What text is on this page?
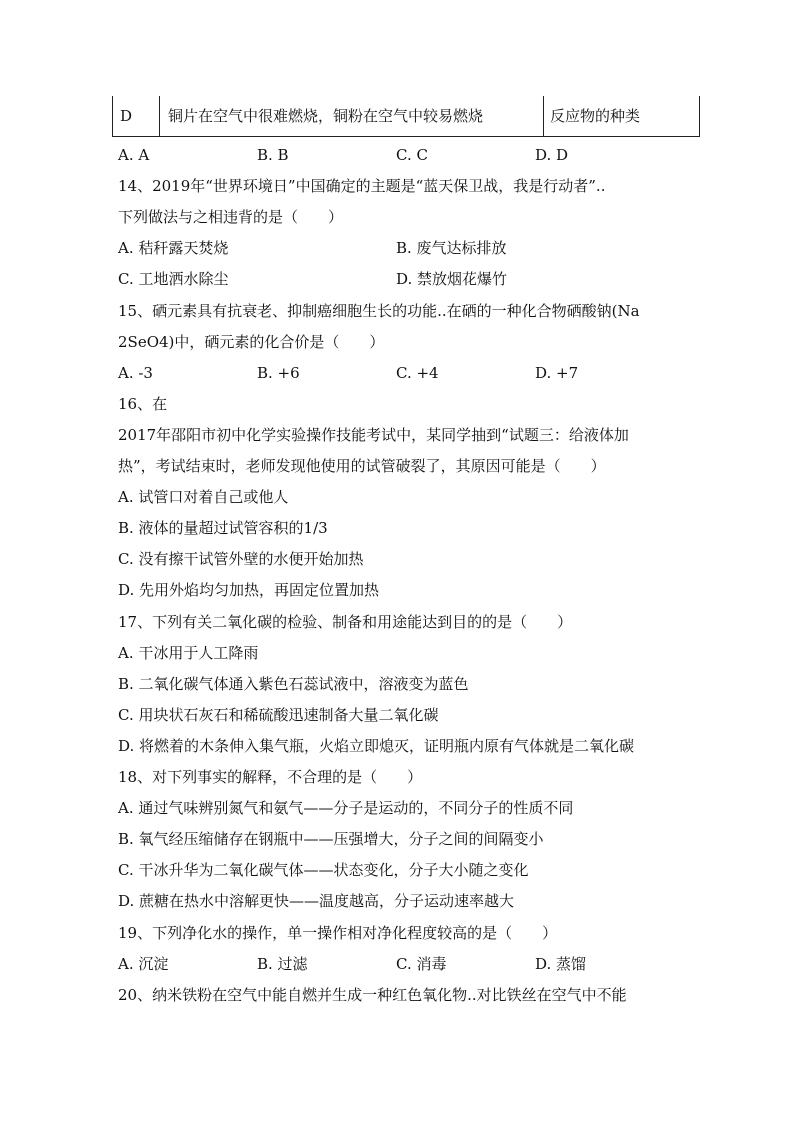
D 铜片在空气中很难燃烧，铜粉在空气中较易燃烧	反应物的种类
A. A	B. B	C. C	D. D
14、2019年“世界环境日”中国确定的主题是“蓝天保卫战，我是行动者”..
下列做法与之相违背的是（　　）
A. 秸秆露天焚烧	B. 废气达标排放
C. 工地洒水除尘	D. 禁放烟花爆竹
15、硒元素具有抗衰老、抑制癌细胞生长的功能..在硒的一种化合物硒酸钠(Na
2SeO4)中，硒元素的化合价是（　　）
A. -3	B. +6	C. +4	D. +7
16、在
2017年邵阳市初中化学实验操作技能考试中，某同学抽到“试题三：给液体加
热”，考试结束时，老师发现他使用的试管破裂了，其原因可能是（　　）
A. 试管口对着自己或他人
B. 液体的量超过试管容积的1/3
C. 没有擦干试管外壁的水便开始加热
D. 先用外焰均匀加热，再固定位置加热
17、下列有关二氧化碳的检验、制备和用途能达到目的的是（　　）
A. 干冰用于人工降雨
B. 二氧化碳气体通入紫色石蕊试液中，溶液变为蓝色
C. 用块状石灰石和稀硫酸迅速制备大量二氧化碳
D. 将燃着的木条伸入集气瓶，火焰立即熄灭，证明瓶内原有气体就是二氧化碳
18、对下列事实的解释，不合理的是（　　）
A. 通过气味辨别氮气和氨气——分子是运动的，不同分子的性质不同
B. 氧气经压缩储存在钢瓶中——压强增大，分子之间的间隔变小
C. 干冰升华为二氧化碳气体——状态变化，分子大小随之变化
D. 蔗糖在热水中溶解更快——温度越高，分子运动速率越大
19、下列净化水的操作，单一操作相对净化程度较高的是（　　）
A. 沉淀	B. 过滤	C. 消毒	D. 蒸馏
20、纳米铁粉在空气中能自燃并生成一种红色氧化物..对比铁丝在空气中不能
